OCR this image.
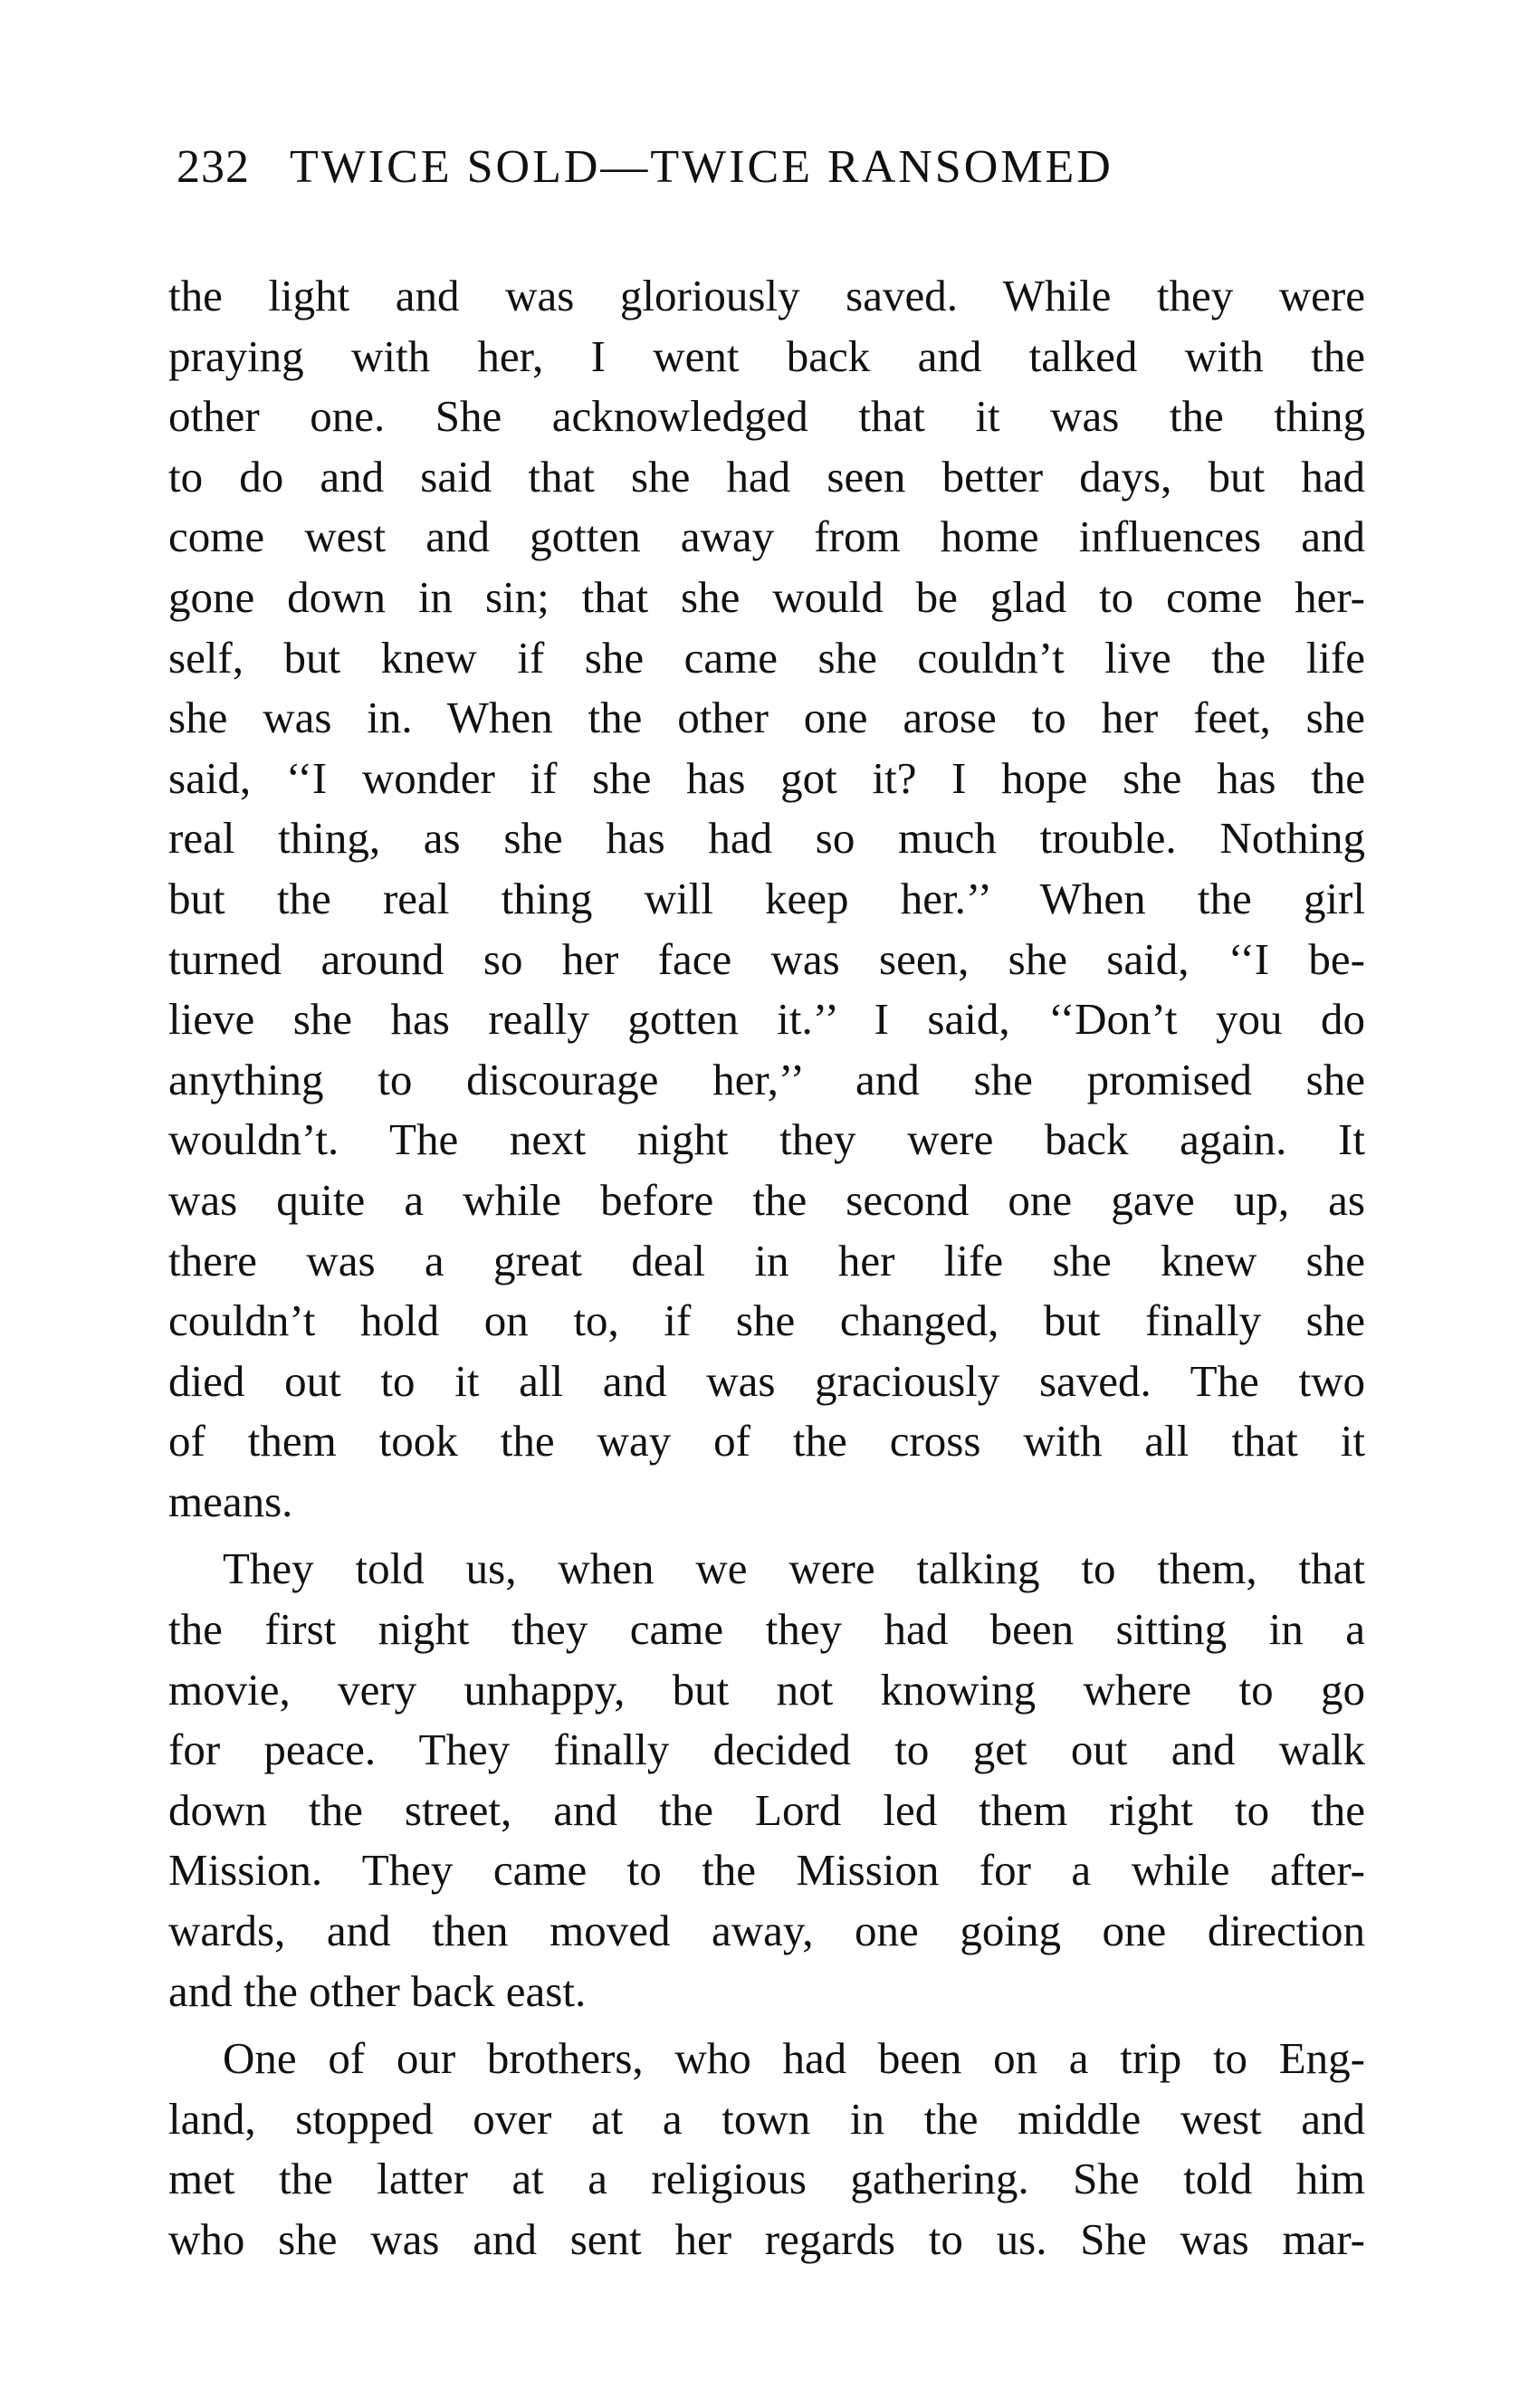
232 TWICE SOLD—TWICE RANSOMED
the light and was gloriously saved. While they were
praying with her, I went back and talked with the
other one. She acknowledged that it was the thing
to do and said that she had seen better days, but had
come west and gotten away from home influences and
gone down in sin; that she would be glad to come her-
self, but knew if she came she couldn’t live the life
she was in. When the other one arose to her feet, she
said, ‘‘I wonder if she has got it? I hope she has the
real thing, as she has had so much trouble. Nothing
but the real thing will keep her.’’ When the girl
turned around so her face was seen, she said, ‘‘I be-
lieve she has really gotten it.’’ I said, ‘‘Don’t you do
anything to discourage her,’’ and she promised she
wouldn’t. The next night they were back again. It
was quite a while before the second one gave up, as
there was a great deal in her life she knew she
couldn’t hold on to, if she changed, but finally she
died out to it all and was graciously saved. The two
of them took the way of the cross with all that it
means.
They told us, when we were talking to them, that
the first night they came they had been sitting in a
movie, very unhappy, but not knowing where to go
for peace. They finally decided to get out and walk
down the street, and the Lord led them right to the
Mission. They came to the Mission for a while after-
wards, and then moved away, one going one direction
and the other back east.
One of our brothers, who had been on a trip to Eng-
land, stopped over at a town in the middle west and
met the latter at a religious gathering. She told him
who she was and sent her regards to us. She was mar-
